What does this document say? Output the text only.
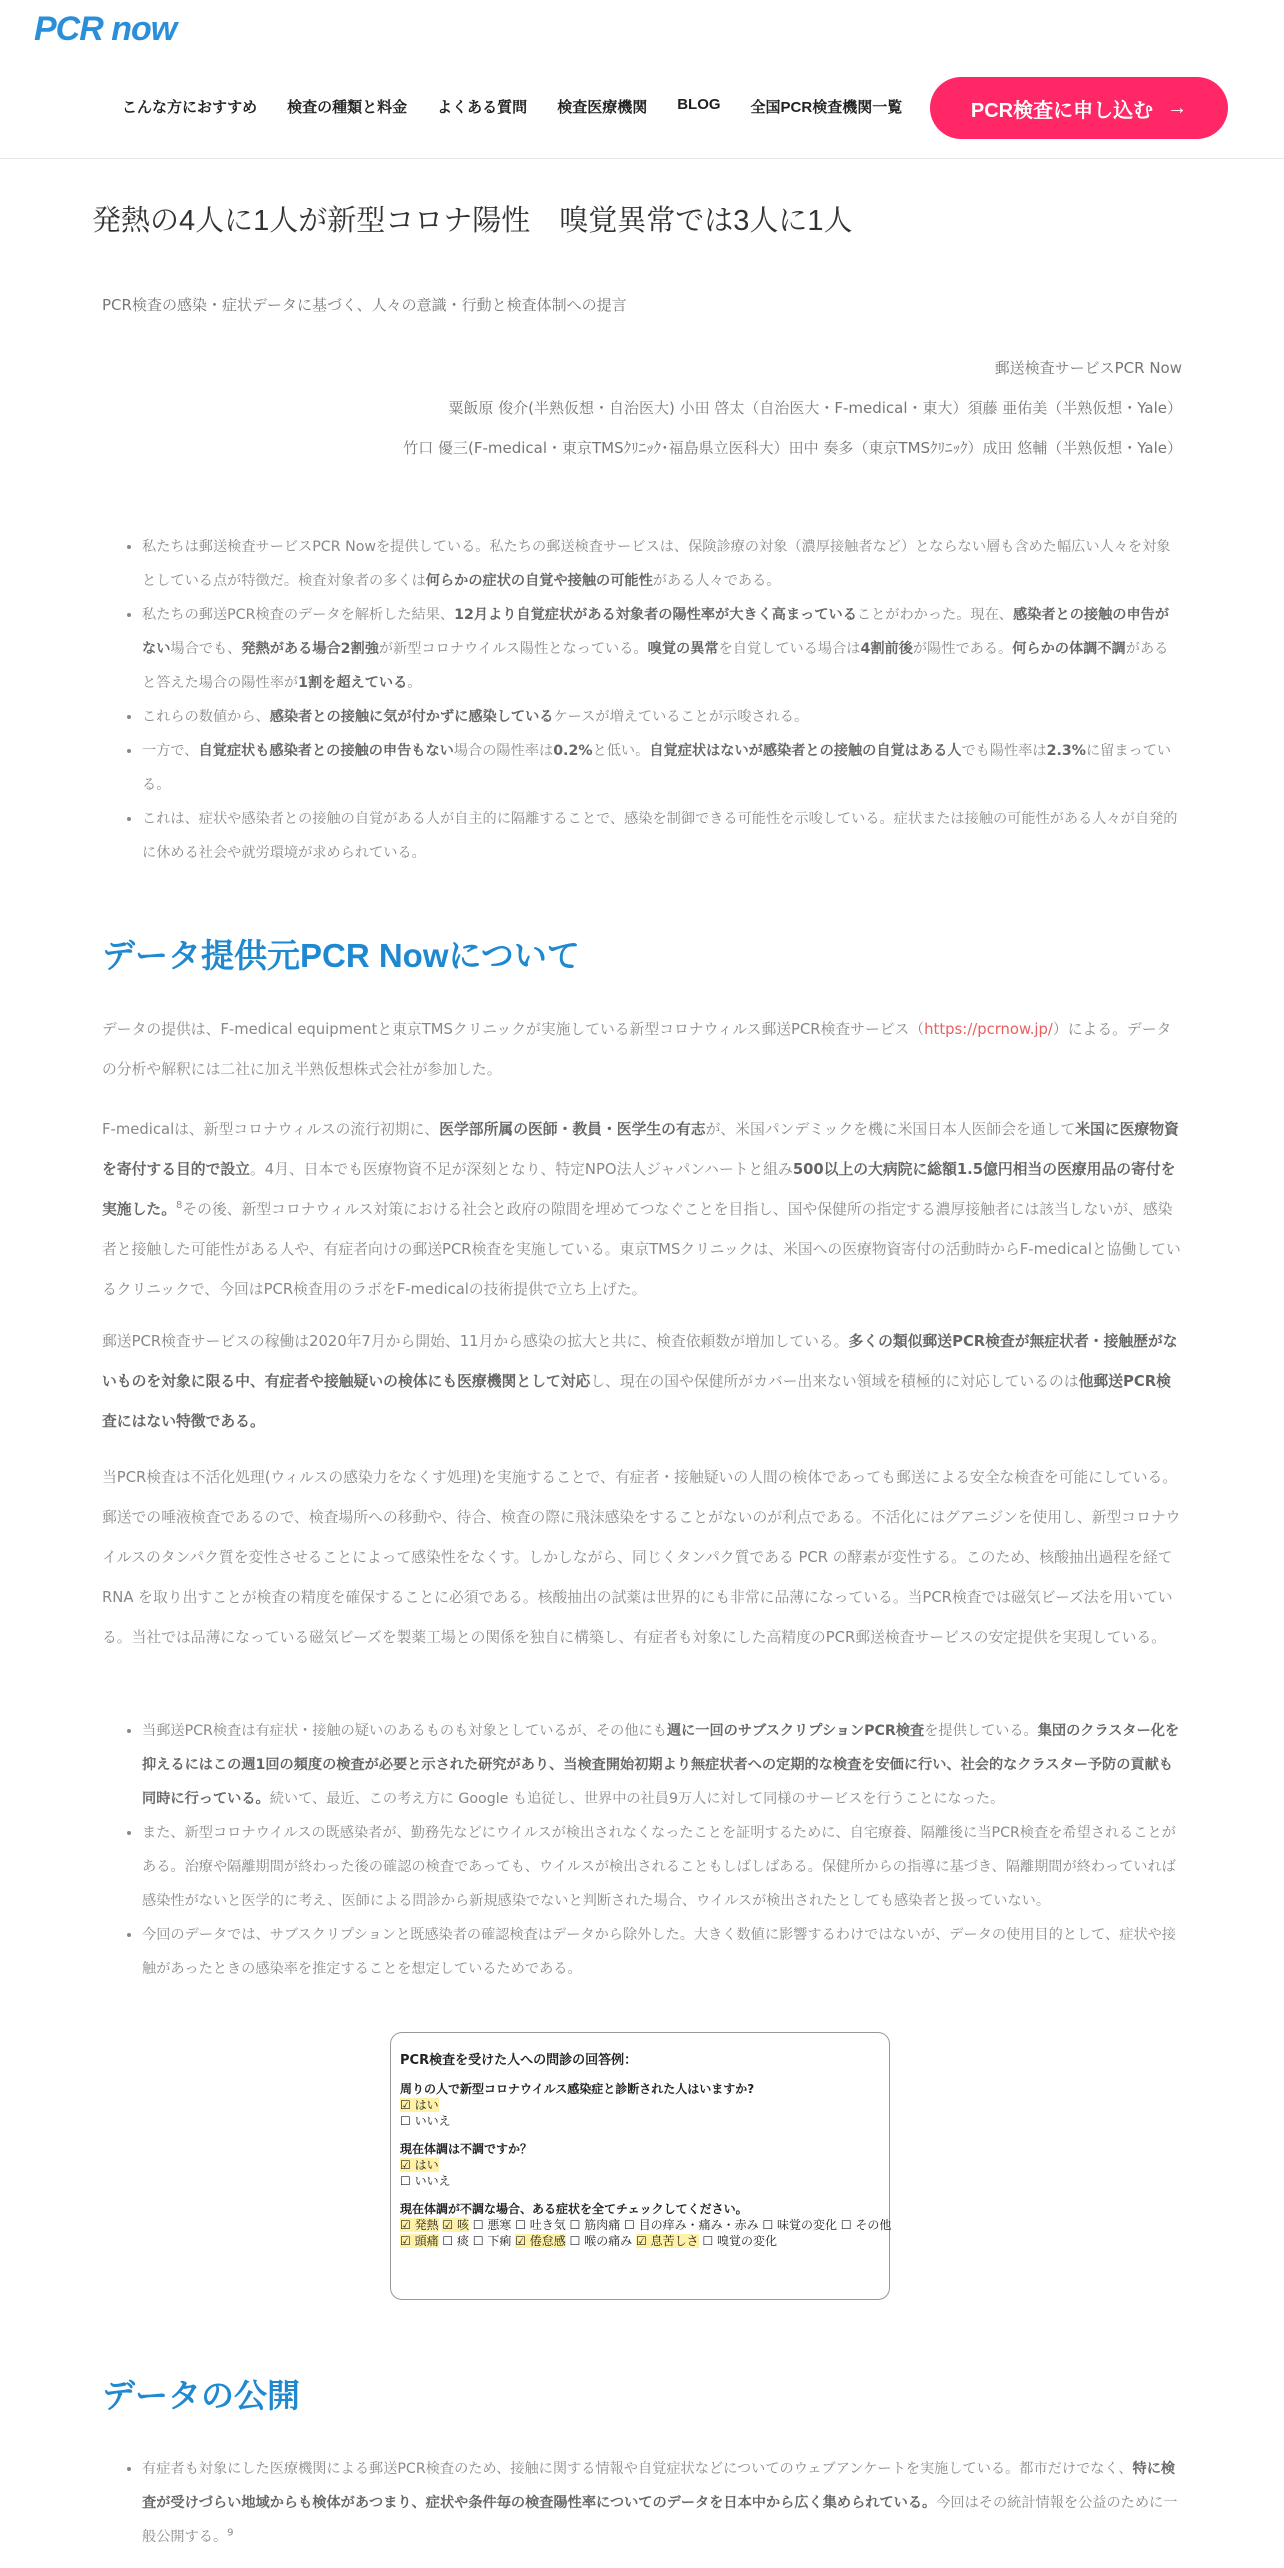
PCR now
こんな方におすすめ 検査の種類と料金 よくある質問 検査医療機関 BLOG 全国PCR検査機関一覧	PCR検査に申し込む →
発熱の4人に1人が新型コロナ陽性　嗅覚異常では3人に1人
PCR検査の感染・症状データに基づく、人々の意識・行動と検査体制への提言
郵送検査サービスPCR Now
粟飯原 俊介(半熟仮想・自治医大) 小田 啓太（自治医大・F-medical・東大）須藤 亜佑美（半熟仮想・Yale）
竹口 優三(F-medical・東京TMSｸﾘﾆｯｸ･福島県立医科大）田中 奏多（東京TMSｸﾘﾆｯｸ）成田 悠輔（半熟仮想・Yale）
• 私たちは郵送検査サービスPCR Nowを提供している。私たちの郵送検査サービスは、保険診療の対象（濃厚接触者など）とならない層も含めた幅広い人々を対象としている点が特徴だ。検査対象者の多くは何らかの症状の自覚や接触の可能性がある人々である。
• 私たちの郵送PCR検査のデータを解析した結果、12月より自覚症状がある対象者の陽性率が大きく高まっていることがわかった。現在、感染者との接触の申告がない場合でも、発熱がある場合2割強が新型コロナウイルス陽性となっている。嗅覚の異常を自覚している場合は4割前後が陽性である。何らかの体調不調があると答えた場合の陽性率が1割を超えている。
• これらの数値から、感染者との接触に気が付かずに感染しているケースが増えていることが示唆される。
• 一方で、自覚症状も感染者との接触の申告もない場合の陽性率は0.2%と低い。自覚症状はないが感染者との接触の自覚はある人でも陽性率は2.3%に留まっている。
• これは、症状や感染者との接触の自覚がある人が自主的に隔離することで、感染を制御できる可能性を示唆している。症状または接触の可能性がある人々が自発的に休める社会や就労環境が求められている。
データ提供元PCR Nowについて

データの提供は、F-medical equipmentと東京TMSクリニックが実施している新型コロナウィルス郵送PCR検査サービス（https://pcrnow.jp/）による。データの分析や解釈には二社に加え半熟仮想株式会社が参加した。

F-medicalは、新型コロナウィルスの流行初期に、医学部所属の医師・教員・医学生の有志が、米国パンデミックを機に米国日本人医師会を通して米国に医療物資を寄付する目的で設立。4月、日本でも医療物資不足が深刻となり、特定NPO法人ジャパンハートと組み500以上の大病院に総額1.5億円相当の医療用品の寄付を実施した。$^8$その後、新型コロナウィルス対策における社会と政府の隙間を埋めてつなぐことを目指し、国や保健所の指定する濃厚接触者には該当しないが、感染者と接触した可能性がある人や、有症者向けの郵送PCR検査を実施している。東京TMSクリニックは、米国への医療物資寄付の活動時からF-medicalと協働しているクリニックで、今回はPCR検査用のラボをF-medicalの技術提供で立ち上げた。

郵送PCR検査サービスの稼働は2020年7月から開始、11月から感染の拡大と共に、検査依頼数が増加している。多くの類似郵送PCR検査が無症状者・接触歴がないものを対象に限る中、有症者や接触疑いの検体にも医療機関として対応し、現在の国や保健所がカバー出来ない領域を積極的に対応しているのは他郵送PCR検査にはない特徴である。

当PCR検査は不活化処理(ウィルスの感染力をなくす処理)を実施することで、有症者・接触疑いの人間の検体であっても郵送による安全な検査を可能にしている。郵送での唾液検査であるので、検査場所への移動や、待合、検査の際に飛沫感染をすることがないのが利点である。不活化にはグアニジンを使用し、新型コロナウイルスのタンパク質を変性させることによって感染性をなくす。しかしながら、同じくタンパク質である PCR の酵素が変性する。このため、核酸抽出過程を経て RNA を取り出すことが検査の精度を確保することに必須である。核酸抽出の試薬は世界的にも非常に品薄になっている。当PCR検査では磁気ビーズ法を用いている。当社では品薄になっている磁気ビーズを製薬工場との関係を独自に構築し、有症者も対象にした高精度のPCR郵送検査サービスの安定提供を実現している。

• 当郵送PCR検査は有症状・接触の疑いのあるものも対象としているが、その他にも週に一回のサブスクリプションPCR検査を提供している。集団のクラスター化を抑えるにはこの週1回の頻度の検査が必要と示された研究があり、当検査開始初期より無症状者への定期的な検査を安価に行い、社会的なクラスター予防の貢献も同時に行っている。続いて、最近、この考え方に Google も追従し、世界中の社員9万人に対して同様のサービスを行うことになった。
• また、新型コロナウイルスの既感染者が、勤務先などにウイルスが検出されなくなったことを証明するために、自宅療養、隔離後に当PCR検査を希望されることがある。治療や隔離期間が終わった後の確認の検査であっても、ウイルスが検出されることもしばしばある。保健所からの指導に基づき、隔離期間が終わっていれば感染性がないと医学的に考え、医師による問診から新規感染でないと判断された場合、ウイルスが検出されたとしても感染者と扱っていない。
• 今回のデータでは、サブスクリプションと既感染者の確認検査はデータから除外した。大きく数値に影響するわけではないが、データの使用目的として、症状や接触があったときの感染率を推定することを想定しているためである。
PCR検査を受けた人への問診の回答例：
周りの人で新型コロナウイルス感染症と診断された人はいますか?
☑ はい
☐ いいえ
現在体調は不調ですか？
☑ はい
☐ いいえ
現在体調が不調な場合、ある症状を全てチェックしてください。
☑ 発熱 ☑ 咳 ☐ 悪寒 ☐ 吐き気 ☐ 筋肉痛 ☐ 目の痒み・痛み・赤み ☐ 味覚の変化 ☐ その他
☑ 頭痛 ☐ 痰 ☐ 下痢 ☑ 倦怠感 ☐ 喉の痛み ☑ 息苦しさ ☐ 嗅覚の変化
データの公開
• 有症者も対象にした医療機関による郵送PCR検査のため、接触に関する情報や自覚症状などについてのウェブアンケートを実施している。都市だけでなく、特に検査が受けづらい地域からも検体があつまり、症状や条件毎の検査陽性率についてのデータを日本中から広く集められている。今回はその統計情報を公益のために一般公開する。$^9$
